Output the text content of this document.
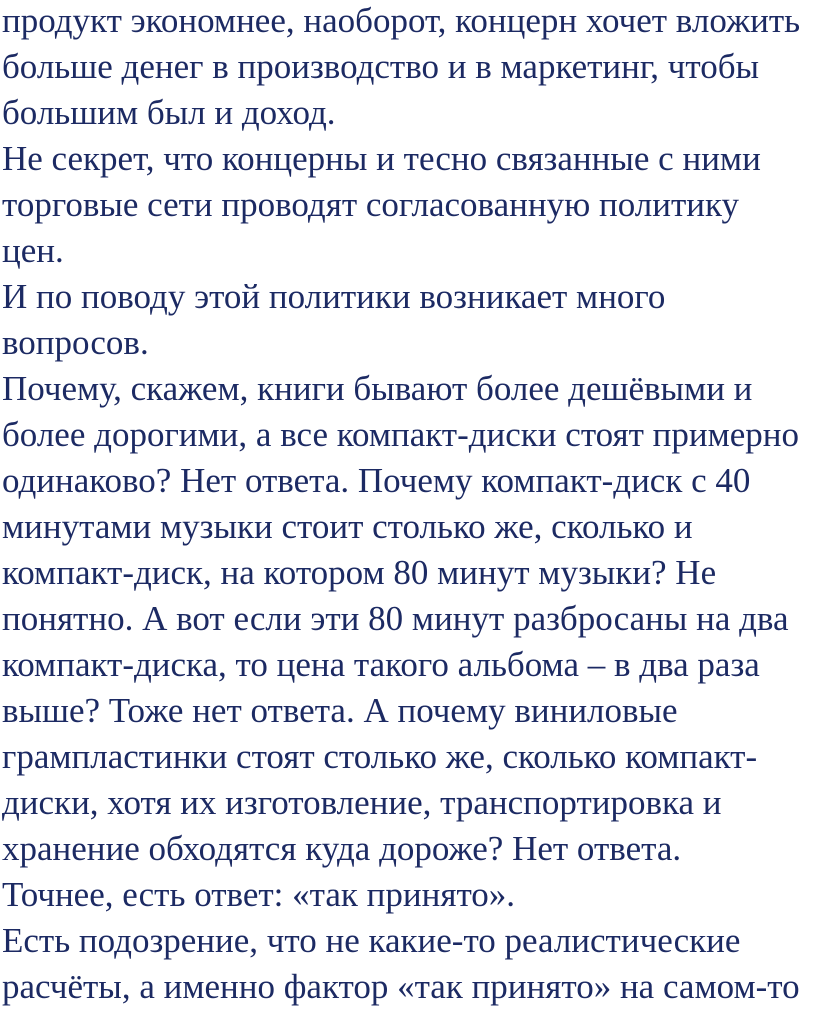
продукт экономнее, наоборот, концерн хочет вложить

больше денег в производство и в маркетинг, чтобы

большим был и доход.

Не секрет, что концерны и тесно связанные с ними

торговые сети проводят согласованную политику

цен.

И по поводу этой политики возникает много

вопросов.

Почему, скажем, книги бывают более дешёвыми и

более дорогими, а все компакт-диски стоят примерно

одинаково? Нет ответа. Почему компакт-диск с 40

минутами музыки стоит столько же, сколько и

компакт-диск, на котором 80 минут музыки? Не

понятно. А вот если эти 80 минут разбросаны на два

компакт-диска, то цена такого альбома – в два раза

выше? Тоже нет ответа. А почему виниловые

грампластинки стоят столько же, сколько компакт-

диски, хотя их изготовление, транспортировка и

хранение обходятся куда дороже? Нет ответа.

Точнее, есть ответ: «так принято».

Есть подозрение, что не какие-то реалистические

расчёты, а именно фактор «так принято» на самом-то
